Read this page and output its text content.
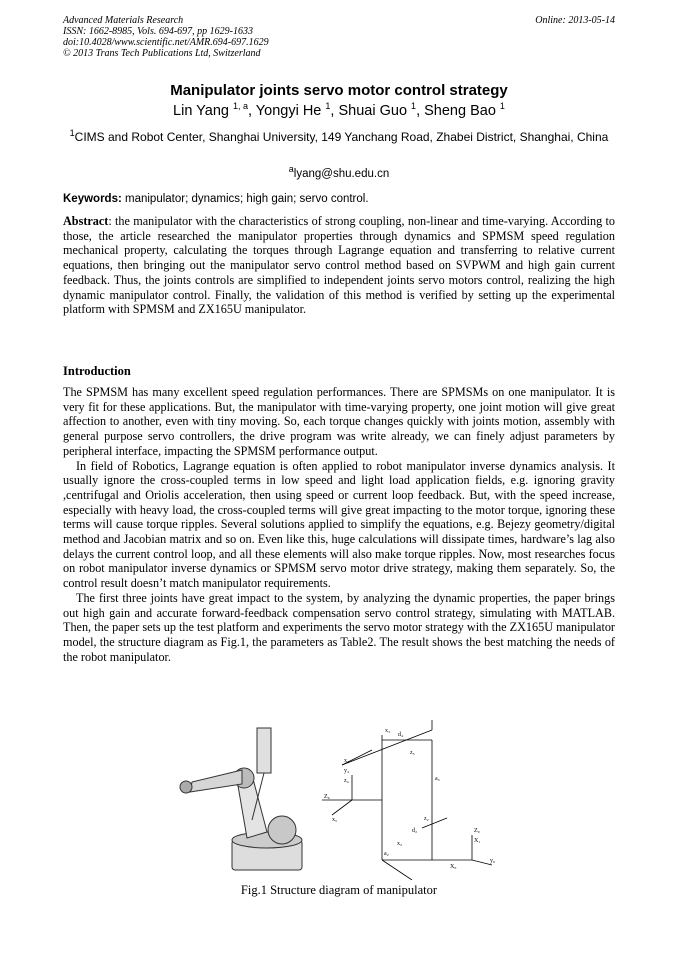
Advanced Materials Research
ISSN: 1662-8985, Vols. 694-697, pp 1629-1633
doi:10.4028/www.scientific.net/AMR.694-697.1629
© 2013 Trans Tech Publications Ltd, Switzerland
Online: 2013-05-14
Manipulator joints servo motor control strategy
Lin Yang $^{1, a}$, Yongyi He $^1$, Shuai Guo $^1$, Sheng Bao $^1$
$^1$CIMS and Robot Center, Shanghai University, 149 Yanchang Road, Zhabei District, Shanghai, China
$^a$lyang@shu.edu.cn
Keywords: manipulator; dynamics; high gain; servo control.

Abstract: the manipulator with the characteristics of strong coupling, non-linear and time-varying. According to those, the article researched the manipulator properties through dynamics and SPMSM speed regulation mechanical property, calculating the torques through Lagrange equation and transferring to relative current equations, then bringing out the manipulator servo control method based on SVPWM and high gain current feedback. Thus, the joints controls are simplified to independent joints servo motors control, realizing the high dynamic manipulator control. Finally, the validation of this method is verified by setting up the experimental platform with SPMSM and ZX165U manipulator.

Introduction

The SPMSM has many excellent speed regulation performances. There are SPMSMs on one manipulator. It is very fit for these applications. But, the manipulator with time-varying property, one joint motion will give great affection to another, even with tiny moving. So, each torque changes quickly with joints motion, assembly with general purpose servo controllers, the drive program was write already, we can finely adjust parameters by peripheral interface, impacting the SPMSM performance output.

In field of Robotics, Lagrange equation is often applied to robot manipulator inverse dynamics analysis. It usually ignore the cross-coupled terms in low speed and light load application fields, e.g. ignoring gravity ,centrifugal and Oriolis acceleration, then using speed or current loop feedback. But, with the speed increase, especially with heavy load, the cross-coupled terms will give great impacting to the motor torque, ignoring these terms will cause torque ripples. Several solutions applied to simplify the equations, e.g. Bejezy geometry/digital method and Jacobian matrix and so on. Even like this, huge calculations will dissipate times, hardware’s lag also delays the current control loop, and all these elements will also make torque ripples. Now, most researches focus on robot manipulator inverse dynamics or SPMSM servo motor drive strategy, making them separately. So, the control result doesn’t match manipulator requirements.

The first three joints have great impact to the system, by analyzing the dynamic properties, the paper brings out high gain and accurate forward-feedback compensation servo control strategy, simulating with MATLAB. Then, the paper sets up the test platform and experiments the servo motor strategy with the ZX165U manipulator model, the structure diagram as Fig.1, the parameters as Table2. The result shows the best matching the needs of the robot manipulator.

x₃
d₄
z₅
a₃
x₄
y₄
z₄
Z₆
x₅
d₂
z₂
x₂
y₀
Z₀
X₁
X₀
a₂
Fig.1 Structure diagram of manipulator
